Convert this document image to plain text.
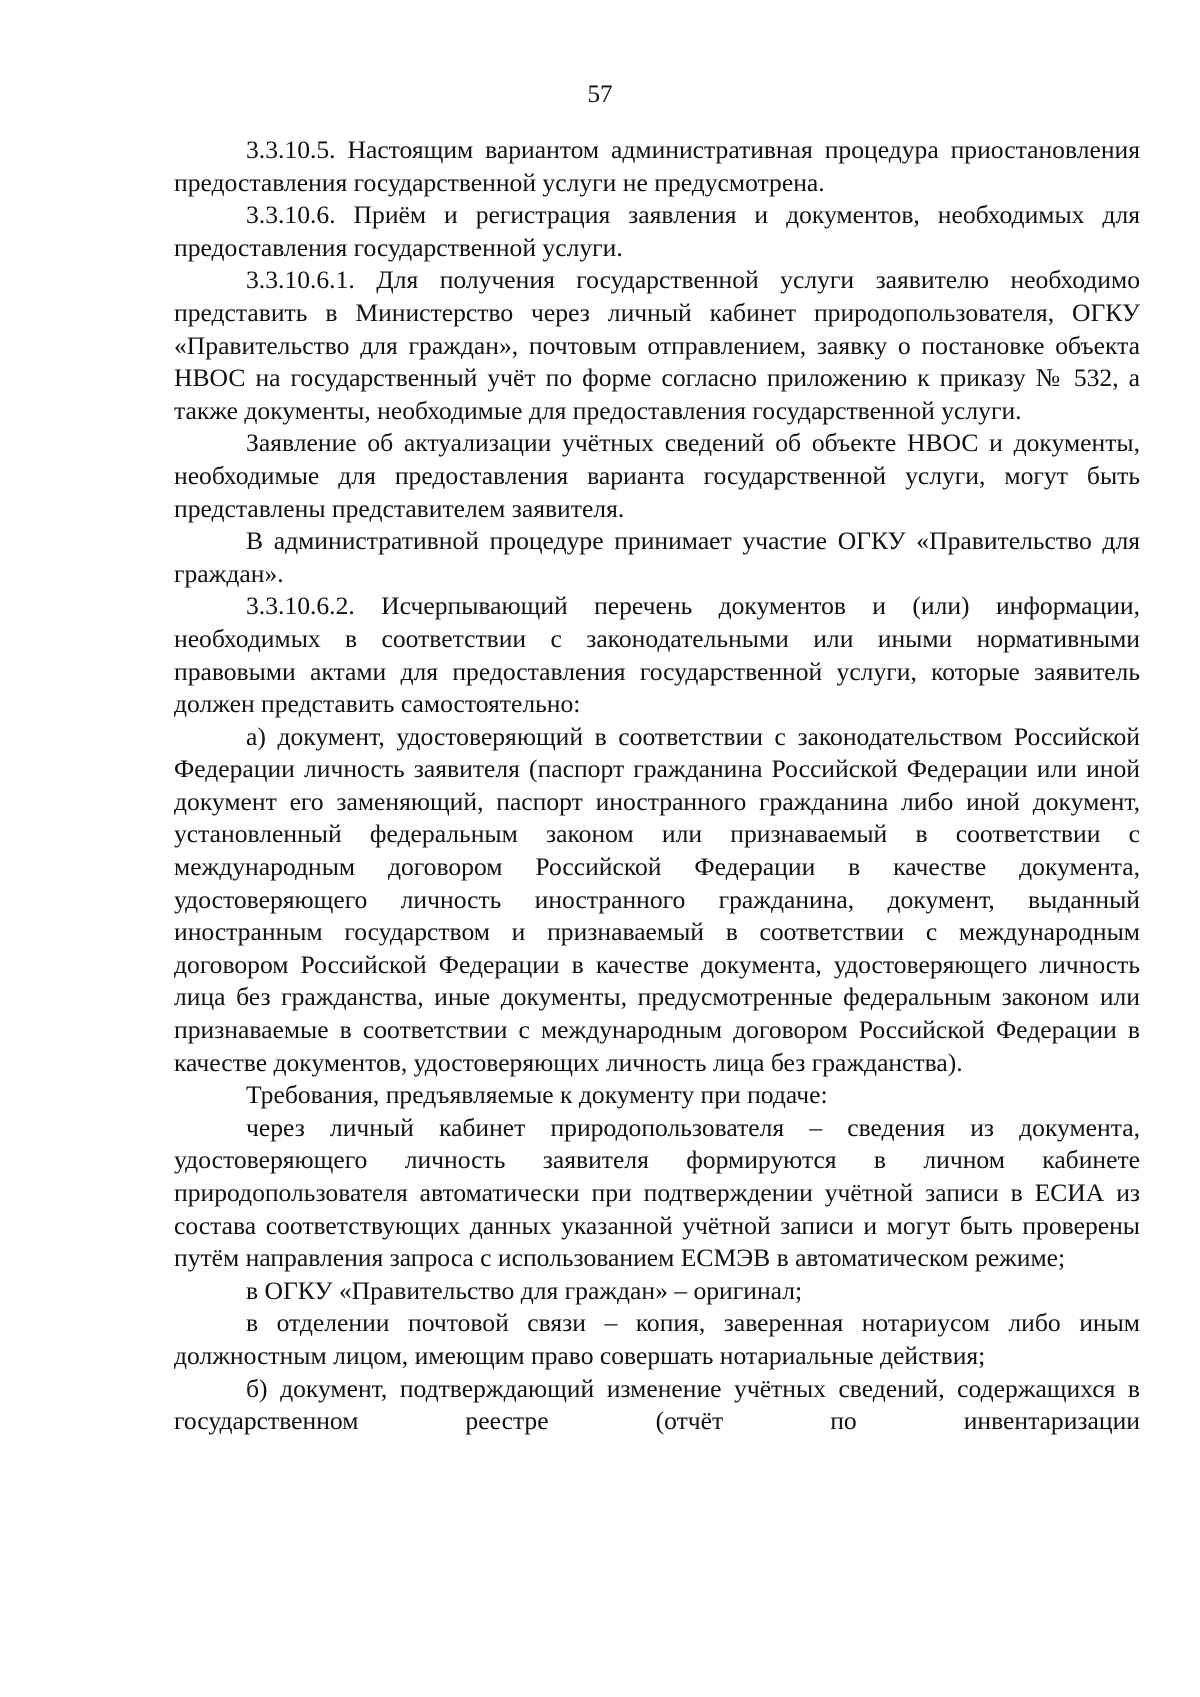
57

3.3.10.5. Настоящим вариантом административная процедура приостановления предоставления государственной услуги не предусмотрена.

3.3.10.6. Приём и регистрация заявления и документов, необходимых для предоставления государственной услуги.

3.3.10.6.1. Для получения государственной услуги заявителю необходимо представить в Министерство через личный кабинет природопользователя, ОГКУ «Правительство для граждан», почтовым отправлением, заявку о постановке объекта НВОС на государственный учёт по форме согласно приложению к приказу № 532, а также документы, необходимые для предоставления государственной услуги.

Заявление об актуализации учётных сведений об объекте НВОС и документы, необходимые для предоставления варианта государственной услуги, могут быть представлены представителем заявителя.

В административной процедуре принимает участие ОГКУ «Правительство для граждан».

3.3.10.6.2. Исчерпывающий перечень документов и (или) информации, необходимых в соответствии с законодательными или иными нормативными правовыми актами для предоставления государственной услуги, которые заявитель должен представить самостоятельно:

а) документ, удостоверяющий в соответствии с законодательством Российской Федерации личность заявителя (паспорт гражданина Российской Федерации или иной документ его заменяющий, паспорт иностранного гражданина либо иной документ, установленный федеральным законом или признаваемый в соответствии с международным договором Российской Федерации в качестве документа, удостоверяющего личность иностранного гражданина, документ, выданный иностранным государством и признаваемый в соответствии с международным договором Российской Федерации в качестве документа, удостоверяющего личность лица без гражданства, иные документы, предусмотренные федеральным законом или признаваемые в соответствии с международным договором Российской Федерации в качестве документов, удостоверяющих личность лица без гражданства).

Требования, предъявляемые к документу при подаче:

через личный кабинет природопользователя – сведения из документа, удостоверяющего личность заявителя формируются в личном кабинете природопользователя автоматически при подтверждении учётной записи в ЕСИА из состава соответствующих данных указанной учётной записи и могут быть проверены путём направления запроса с использованием ЕСМЭВ в автоматическом режиме;

в ОГКУ «Правительство для граждан» – оригинал;

в отделении почтовой связи – копия, заверенная нотариусом либо иным должностным лицом, имеющим право совершать нотариальные действия;

б) документ, подтверждающий изменение учётных сведений, содержащихся в государственном реестре (отчёт по инвентаризации
